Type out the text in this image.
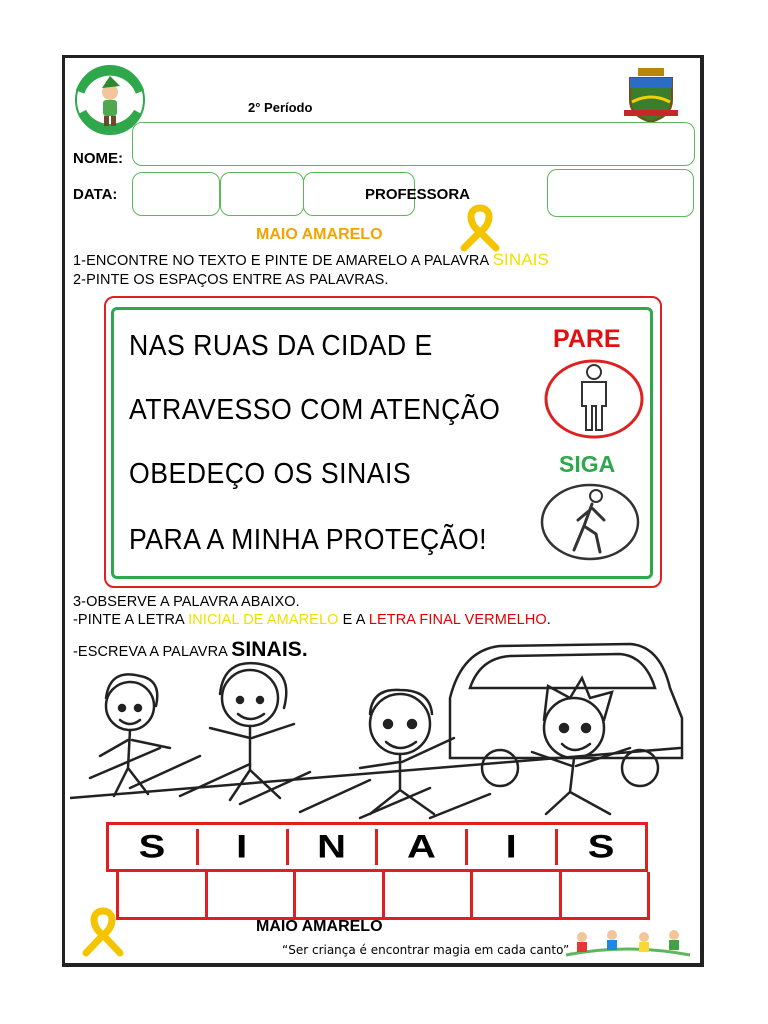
2° Período
NOME:
DATA:	PROFESSORA
MAIO AMARELO
1-ENCONTRE NO TEXTO E PINTE DE AMARELO A PALAVRA SINAIS
2-PINTE OS ESPAÇOS ENTRE AS PALAVRAS.
NAS RUAS DA CIDAD E
ATRAVESSO COM ATENÇÃO
OBEDEÇO OS SINAIS
PARA A MINHA PROTEÇÃO!
PARE
SIGA
3-OBSERVE A PALAVRA ABAIXO.
-PINTE A LETRA INICIAL DE AMARELO E A LETRA FINAL VERMELHO.
-ESCREVA A PALAVRA SINAIS.
S	I	N	A	I	S
MAIO AMARELO
“Ser criança é encontrar magia em cada canto”.
